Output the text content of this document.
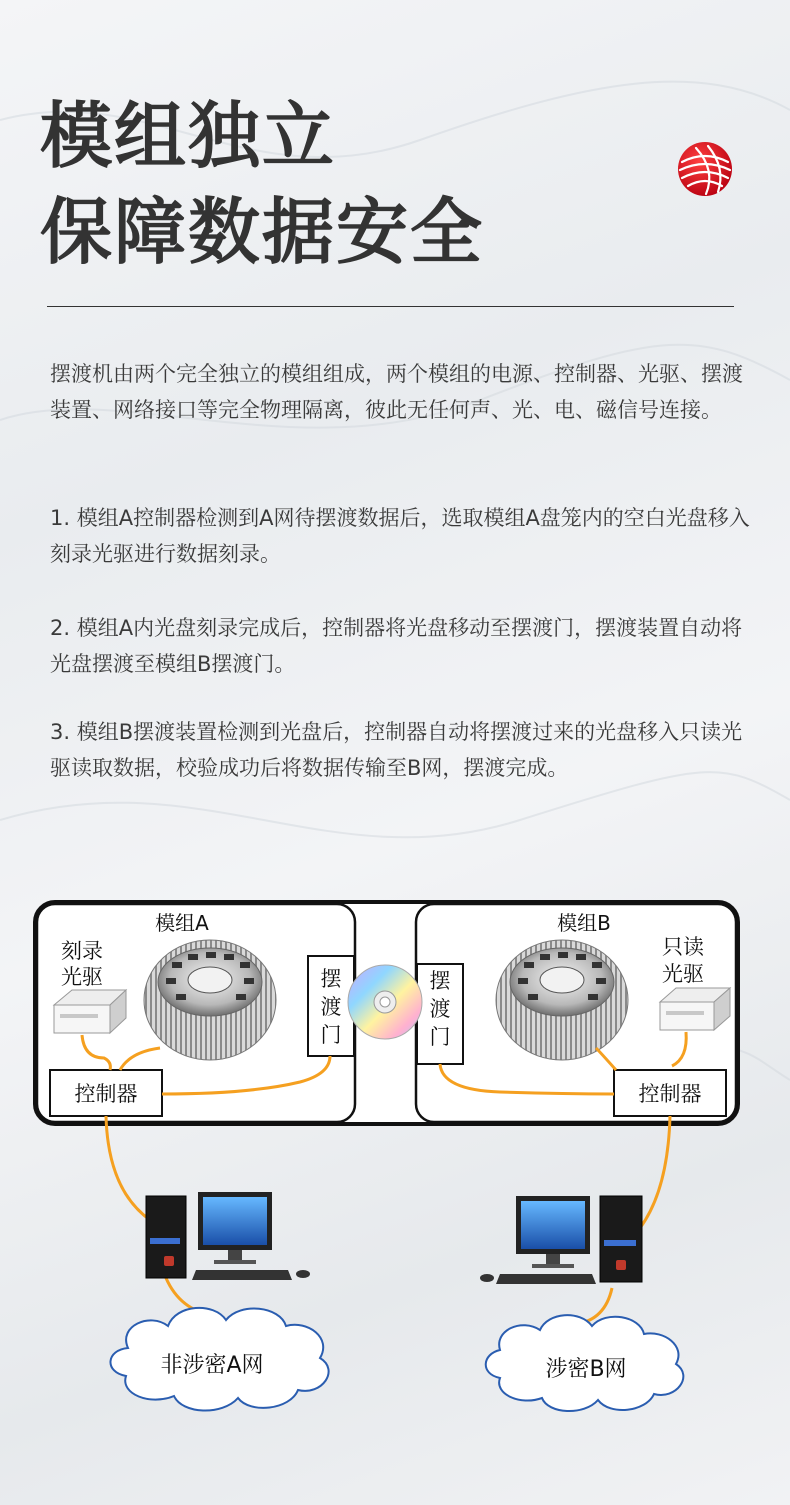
模组独立
保障数据安全

摆渡机由两个完全独立的模组组成，两个模组的电源、控制器、光驱、摆渡装置、网络接口等完全物理隔离，彼此无任何声、光、电、磁信号连接。

1. 模组A控制器检测到A网待摆渡数据后，选取模组A盘笼内的空白光盘移入刻录光驱进行数据刻录。

2. 模组A内光盘刻录完成后，控制器将光盘移动至摆渡门，摆渡装置自动将光盘摆渡至模组B摆渡门。

3. 模组B摆渡装置检测到光盘后，控制器自动将摆渡过来的光盘移入只读光驱读取数据，校验成功后将数据传输至B网，摆渡完成。

模组A	模组B
刻录
光驱
只读
光驱
摆
渡
门
摆
渡
门
控制器	控制器
非涉密A网	涉密B网
